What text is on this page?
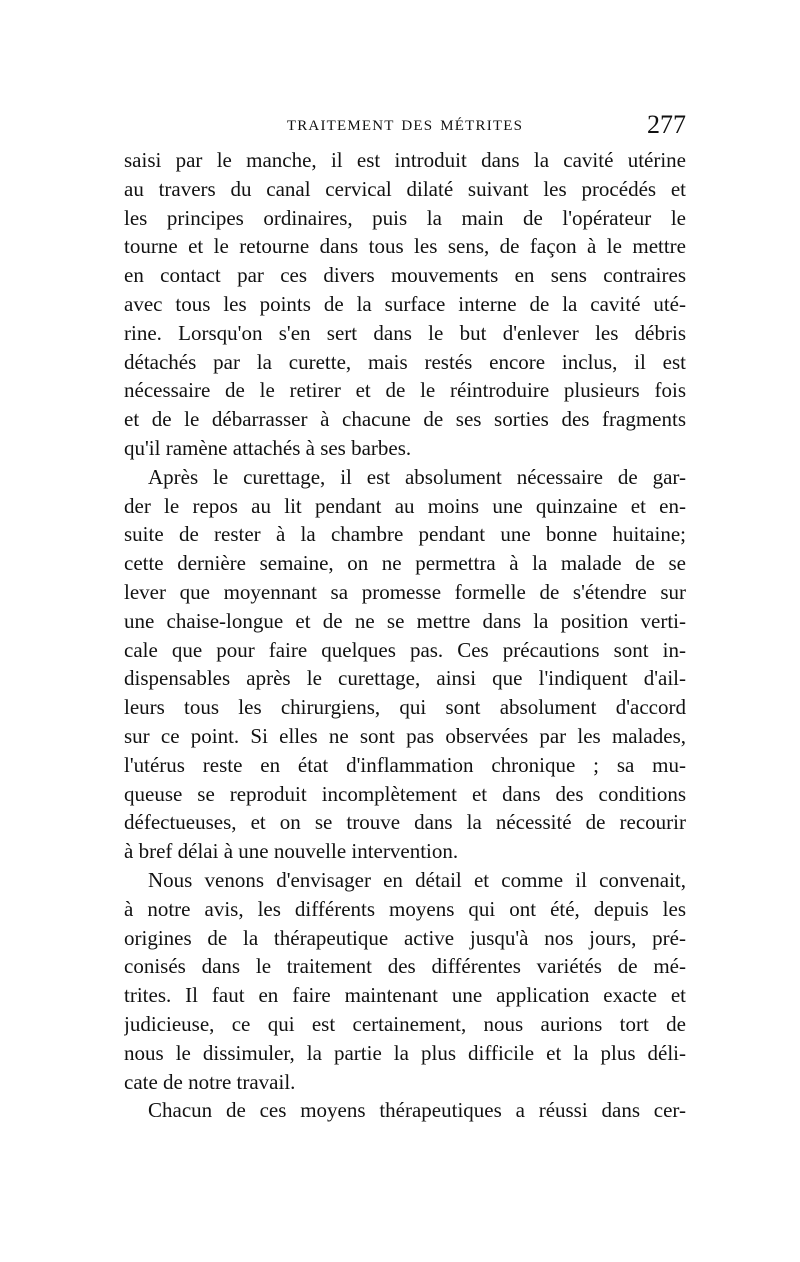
TRAITEMENT DES MÉTRITES	277
saisi par le manche, il est introduit dans la cavité utérine
au travers du canal cervical dilaté suivant les procédés et
les principes ordinaires, puis la main de l'opérateur le
tourne et le retourne dans tous les sens, de façon à le mettre
en contact par ces divers mouvements en sens contraires
avec tous les points de la surface interne de la cavité uté-
rine. Lorsqu'on s'en sert dans le but d'enlever les débris
détachés par la curette, mais restés encore inclus, il est
nécessaire de le retirer et de le réintroduire plusieurs fois
et de le débarrasser à chacune de ses sorties des fragments
qu'il ramène attachés à ses barbes.
Après le curettage, il est absolument nécessaire de gar-
der le repos au lit pendant au moins une quinzaine et en-
suite de rester à la chambre pendant une bonne huitaine;
cette dernière semaine, on ne permettra à la malade de se
lever que moyennant sa promesse formelle de s'étendre sur
une chaise-longue et de ne se mettre dans la position verti-
cale que pour faire quelques pas. Ces précautions sont in-
dispensables après le curettage, ainsi que l'indiquent d'ail-
leurs tous les chirurgiens, qui sont absolument d'accord
sur ce point. Si elles ne sont pas observées par les malades,
l'utérus reste en état d'inflammation chronique ; sa mu-
queuse se reproduit incomplètement et dans des conditions
défectueuses, et on se trouve dans la nécessité de recourir
à bref délai à une nouvelle intervention.
Nous venons d'envisager en détail et comme il convenait,
à notre avis, les différents moyens qui ont été, depuis les
origines de la thérapeutique active jusqu'à nos jours, pré-
conisés dans le traitement des différentes variétés de mé-
trites. Il faut en faire maintenant une application exacte et
judicieuse, ce qui est certainement, nous aurions tort de
nous le dissimuler, la partie la plus difficile et la plus déli-
cate de notre travail.
Chacun de ces moyens thérapeutiques a réussi dans cer-
